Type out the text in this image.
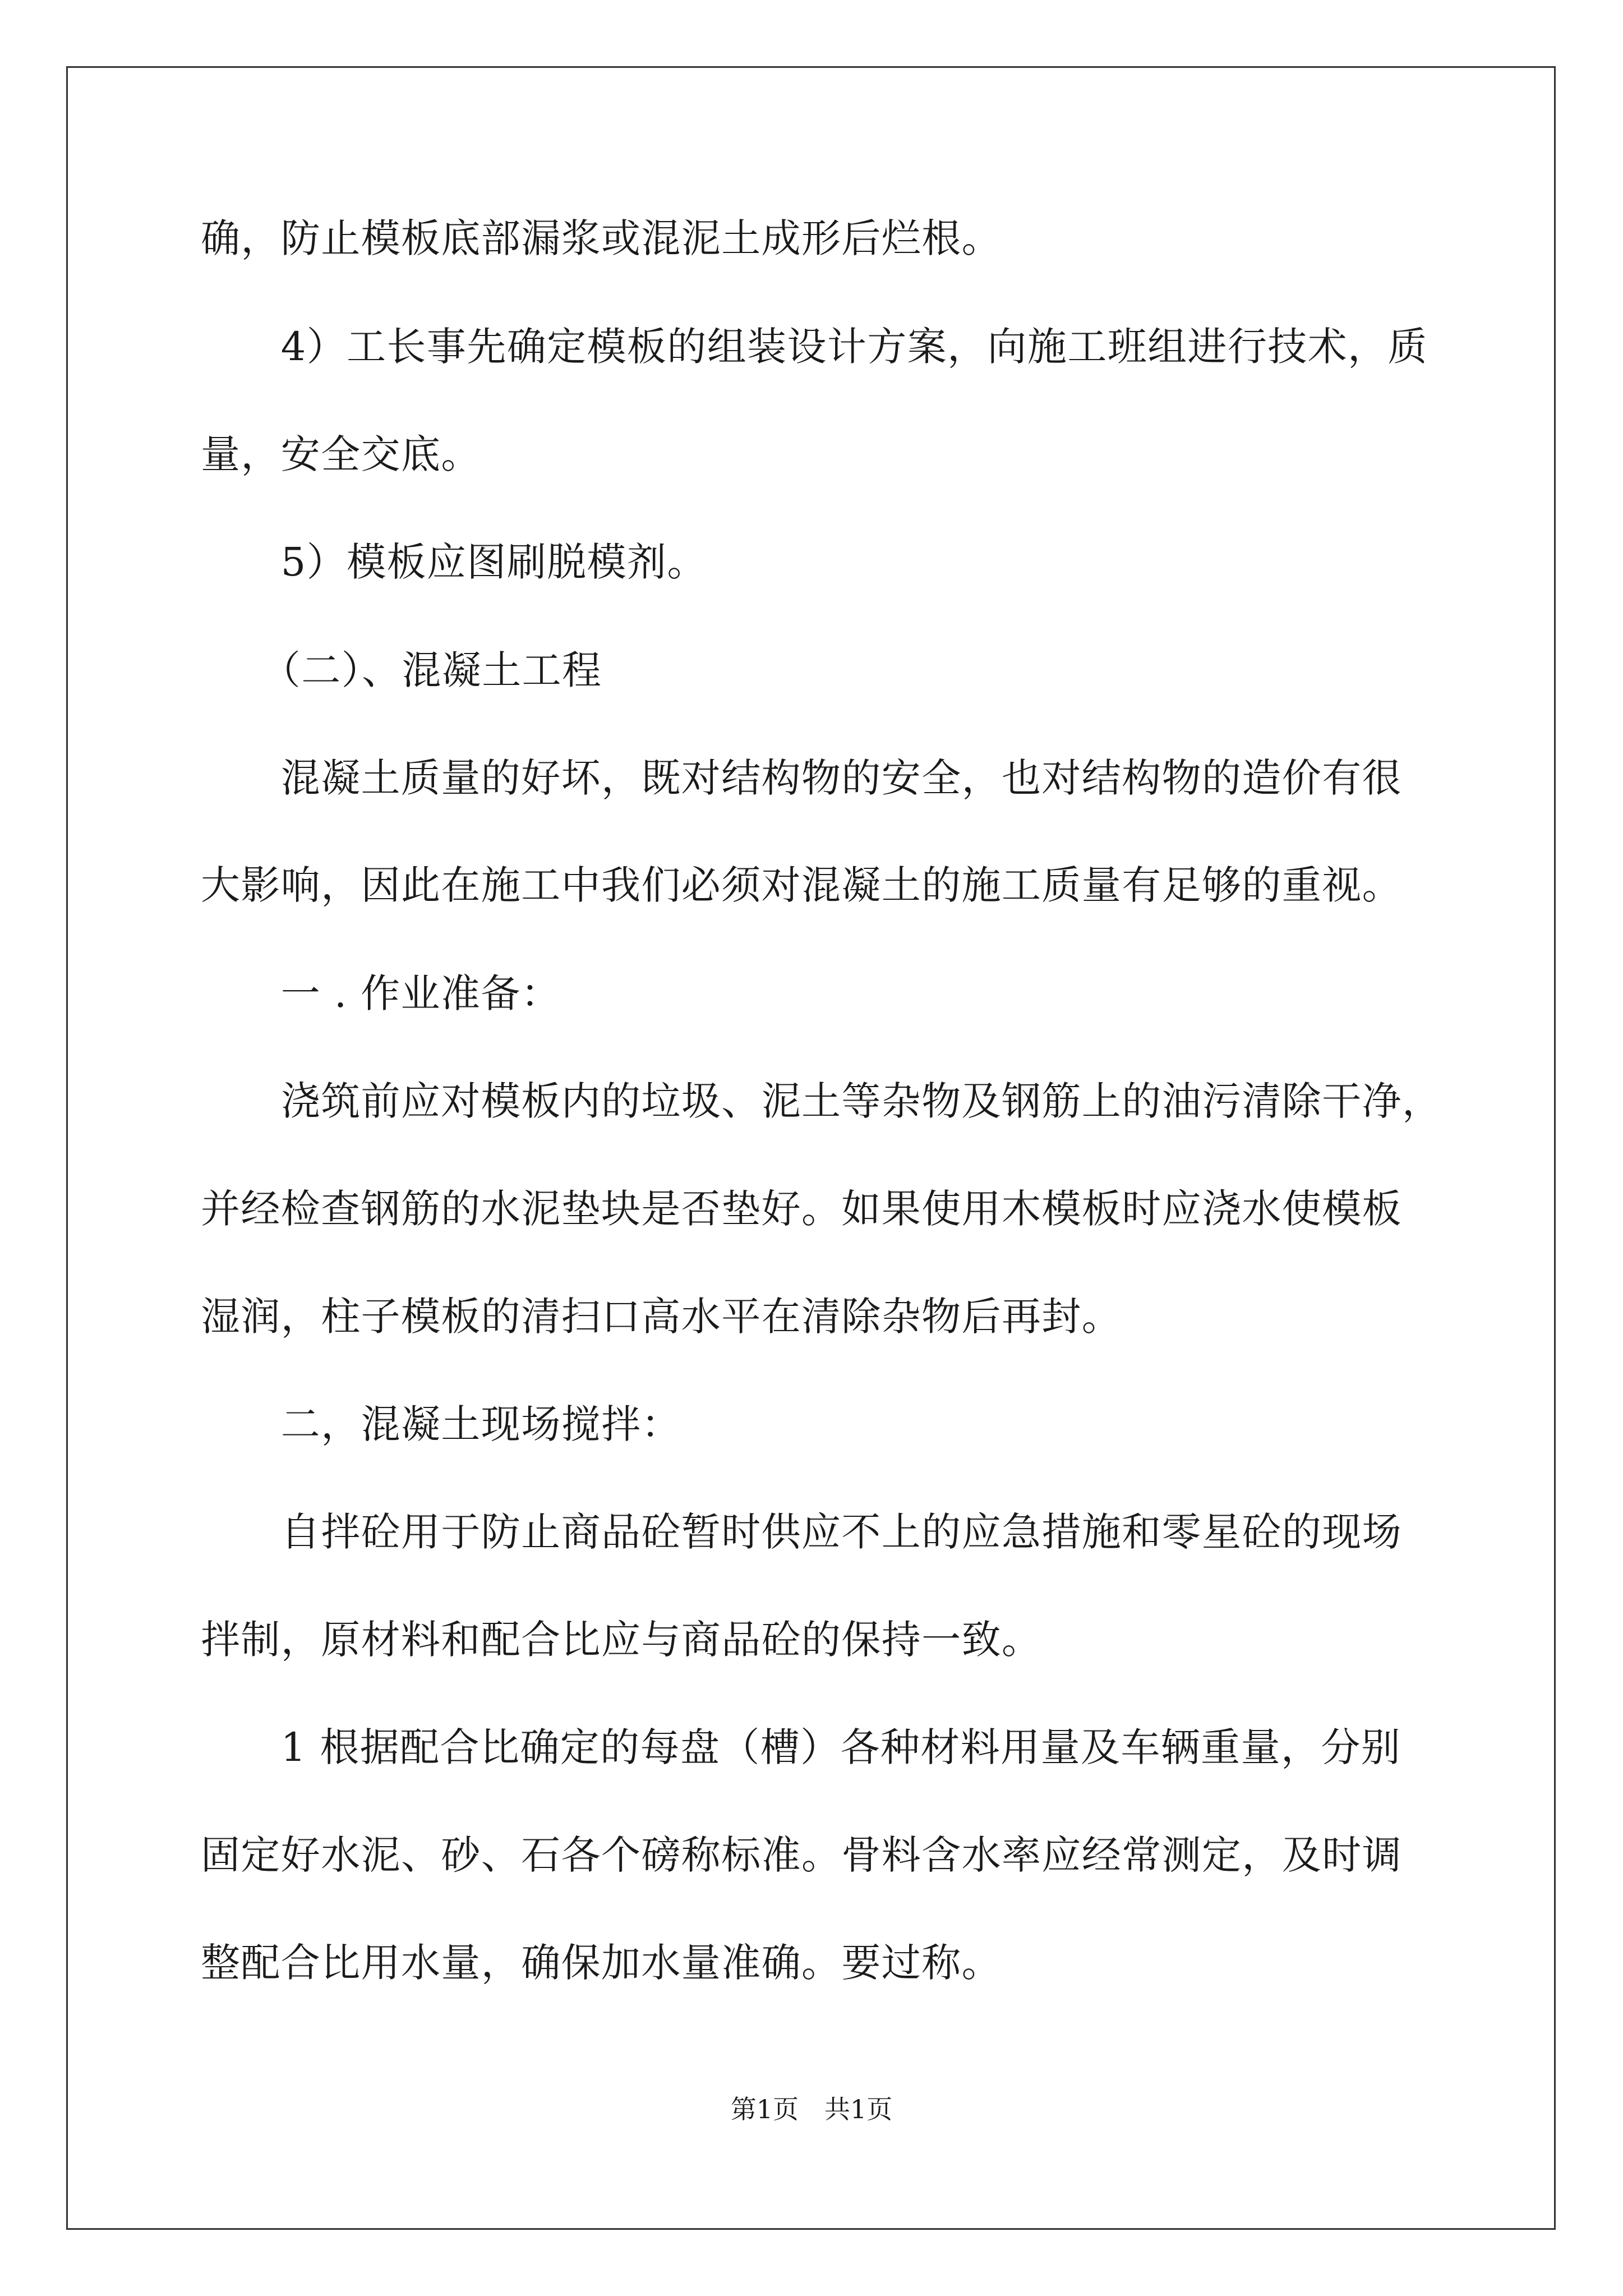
确，防止模板底部漏浆或混泥土成形后烂根。
　　4）工长事先确定模板的组装设计方案，向施工班组进行技术，质
量，安全交底。
　　5）模板应图刷脱模剂。
　　（二）、混凝土工程
　　混凝土质量的好坏，既对结构物的安全，也对结构物的造价有很
大影响，因此在施工中我们必须对混凝土的施工质量有足够的重视。
　　一 . 作业准备：
　　浇筑前应对模板内的垃圾、泥土等杂物及钢筋上的油污清除干净，
并经检查钢筋的水泥垫块是否垫好。如果使用木模板时应浇水使模板
湿润，柱子模板的清扫口高水平在清除杂物后再封。
　　二，混凝土现场搅拌：
　　自拌砼用于防止商品砼暂时供应不上的应急措施和零星砼的现场
拌制，原材料和配合比应与商品砼的保持一致。
　　1 根据配合比确定的每盘（槽）各种材料用量及车辆重量，分别
固定好水泥、砂、石各个磅称标准。骨料含水率应经常测定，及时调
整配合比用水量，确保加水量准确。要过称。
第1页　共1页
